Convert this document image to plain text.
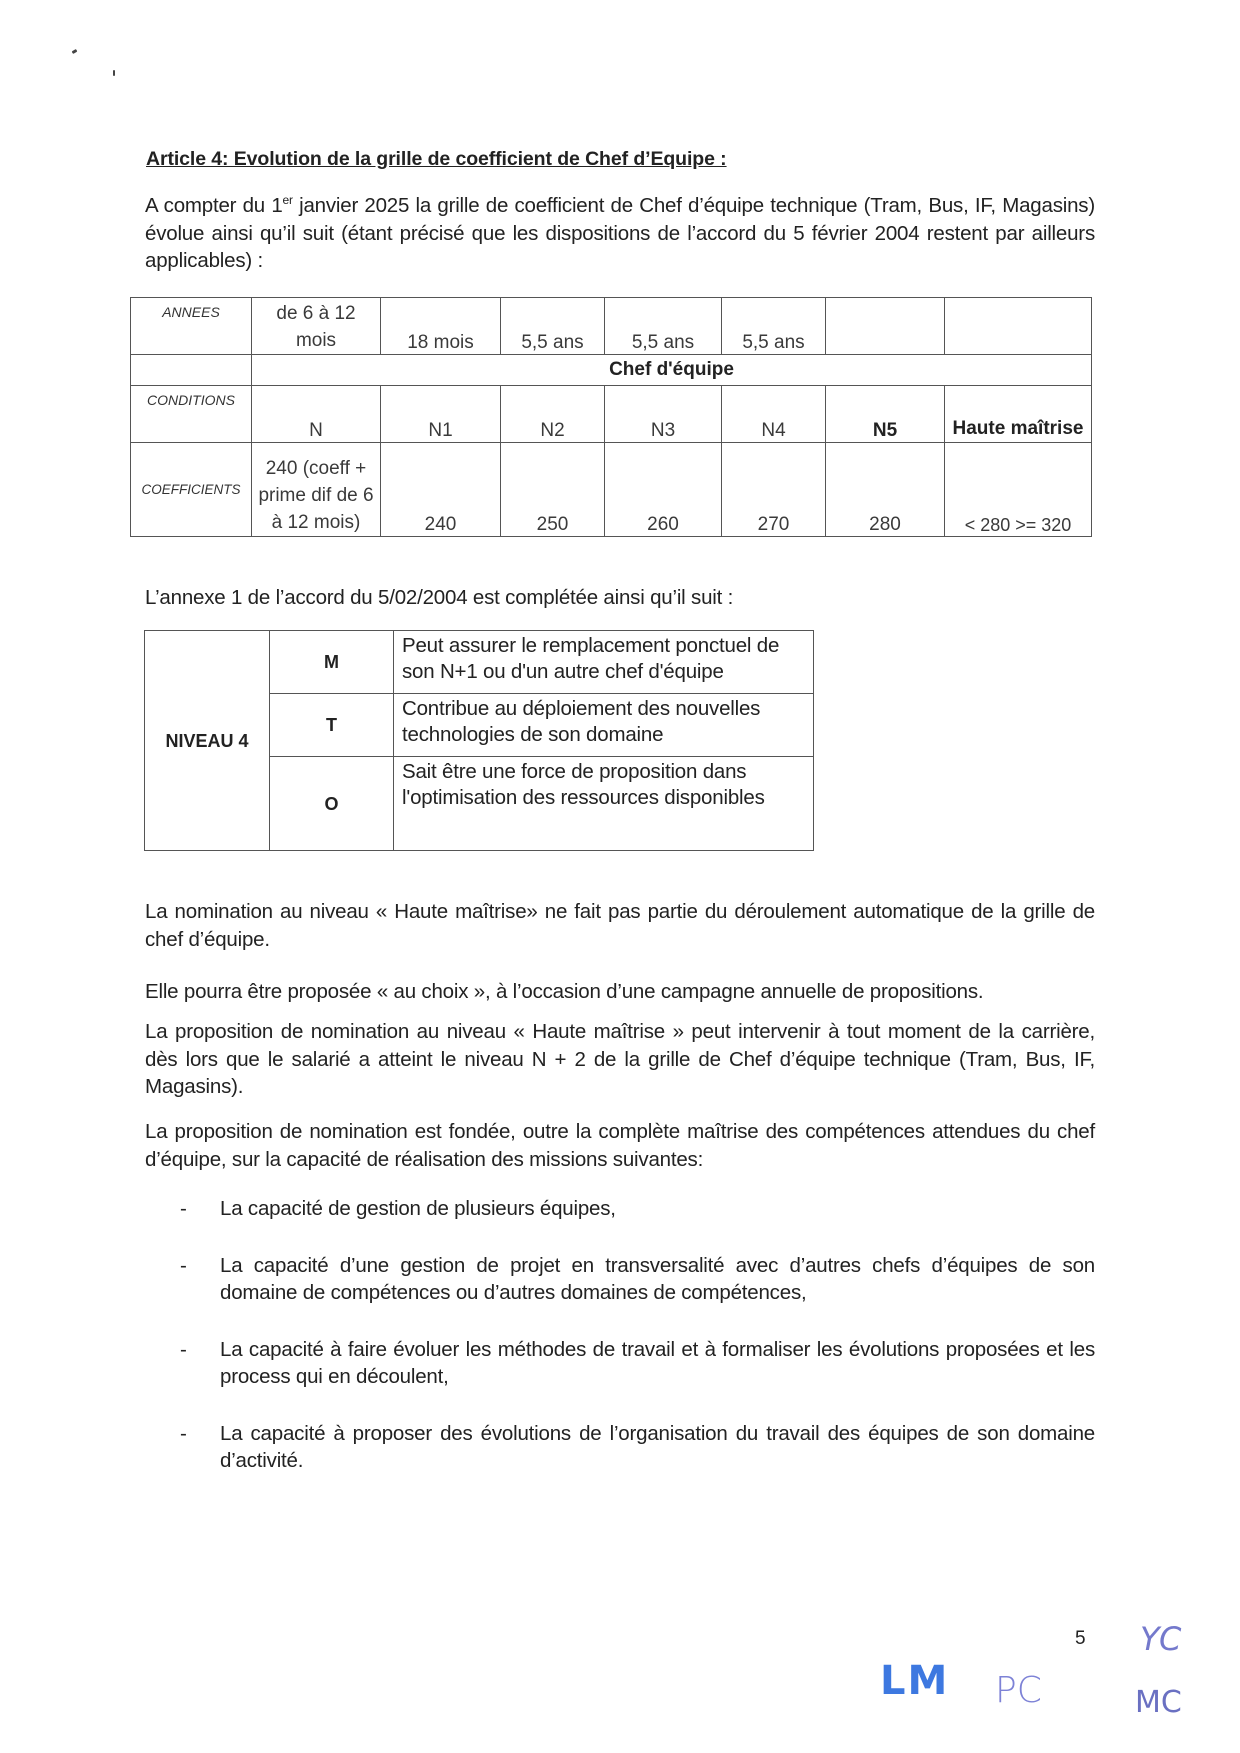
Article 4: Evolution de la grille de coefficient de Chef d’Equipe :
A compter du 1er janvier 2025 la grille de coefficient de Chef d’équipe technique (Tram, Bus, IF, Magasins) évolue ainsi qu’il suit (étant précisé que les dispositions de l’accord du 5 février 2004 restent par ailleurs applicables) :
ANNEES	de 6 à 12 mois	18 mois	5,5 ans	5,5 ans	5,5 ans		
	Chef d'équipe						
CONDITIONS	N	N1	N2	N3	N4	N5	Haute maîtrise
COEFFICIENTS	240 (coeff + prime dif de 6 à 12 mois)	240	250	260	270	280	< 280 >= 320
L’annexe 1 de l’accord du 5/02/2004 est complétée ainsi qu’il suit :
NIVEAU 4	M	Peut assurer le remplacement ponctuel de son N+1 ou d'un autre chef d'équipe
	T	Contribue au déploiement des nouvelles technologies de son domaine
	O	Sait être une force de proposition dans l'optimisation des ressources disponibles
La nomination au niveau « Haute maîtrise» ne fait pas partie du déroulement automatique de la grille de chef d’équipe.
Elle pourra être proposée « au choix », à l’occasion d’une campagne annuelle de propositions.
La proposition de nomination au niveau « Haute maîtrise » peut intervenir à tout moment de la carrière, dès lors que le salarié a atteint le niveau N + 2 de la grille de Chef d’équipe technique (Tram, Bus, IF, Magasins).
La proposition de nomination est fondée, outre la complète maîtrise des compétences attendues du chef d’équipe, sur la capacité de réalisation des missions suivantes:
- La capacité de gestion de plusieurs équipes,
- La capacité d’une gestion de projet en transversalité avec d’autres chefs d’équipes de son domaine de compétences ou d’autres domaines de compétences,
- La capacité à faire évoluer les méthodes de travail et à formaliser les évolutions proposées et les process qui en découlent,
- La capacité à proposer des évolutions de l’organisation du travail des équipes de son domaine d’activité.
5
LM PC
YC
MC
